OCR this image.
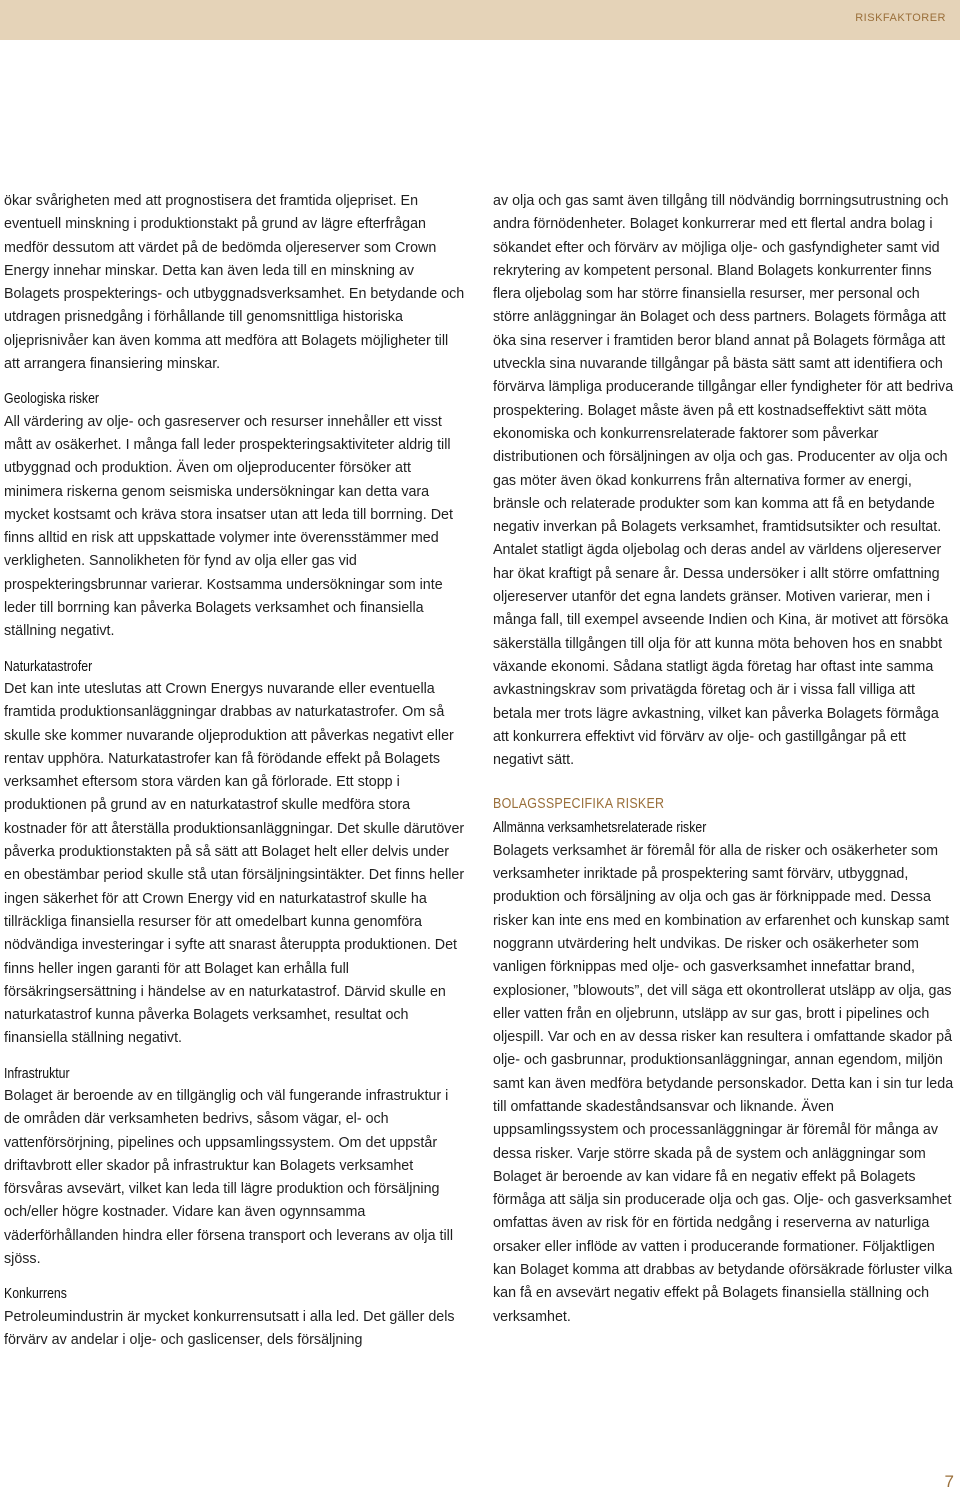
RISKFAKTORER

ökar svårigheten med att prognostisera det framtida oljepriset. En eventuell minskning i produktionstakt på grund av lägre efterfrågan medför dessutom att värdet på de bedömda oljereserver som Crown Energy innehar minskar. Detta kan även leda till en minskning av Bolagets prospekterings- och utbyggnadsverksamhet. En betydande och utdragen prisnedgång i förhållande till genomsnittliga historiska oljeprisnivåer kan även komma att medföra att Bolagets möjligheter till att arrangera finansiering minskar.

Geologiska risker

All värdering av olje- och gasreserver och resurser innehåller ett visst mått av osäkerhet. I många fall leder prospekteringsaktiviteter aldrig till utbyggnad och produktion. Även om oljeproducenter försöker att minimera riskerna genom seismiska undersökningar kan detta vara mycket kostsamt och kräva stora insatser utan att leda till borrning. Det finns alltid en risk att uppskattade volymer inte överensstämmer med verkligheten. Sannolikheten för fynd av olja eller gas vid prospekteringsbrunnar varierar. Kostsamma undersökningar som inte leder till borrning kan påverka Bolagets verksamhet och finansiella ställning negativt.

Naturkatastrofer

Det kan inte uteslutas att Crown Energys nuvarande eller eventuella framtida produktionsanläggningar drabbas av naturkatastrofer. Om så skulle ske kommer nuvarande oljeproduktion att påverkas negativt eller rentav upphöra. Naturkatastrofer kan få förödande effekt på Bolagets verksamhet eftersom stora värden kan gå förlorade. Ett stopp i produktionen på grund av en naturkatastrof skulle medföra stora kostnader för att återställa produktionsanläggningar. Det skulle därutöver påverka produktionstakten på så sätt att Bolaget helt eller delvis under en obestämbar period skulle stå utan försäljningsintäkter. Det finns heller ingen säkerhet för att Crown Energy vid en naturkatastrof skulle ha tillräckliga finansiella resurser för att omedelbart kunna genomföra nödvändiga investeringar i syfte att snarast återuppta produktionen. Det finns heller ingen garanti för att Bolaget kan erhålla full försäkringsersättning i händelse av en naturkatastrof. Därvid skulle en naturkatastrof kunna påverka Bolagets verksamhet, resultat och finansiella ställning negativt.

Infrastruktur

Bolaget är beroende av en tillgänglig och väl fungerande infrastruktur i de områden där verksamheten bedrivs, såsom vägar, el- och vattenförsörjning, pipelines och uppsamlingssystem. Om det uppstår driftavbrott eller skador på infrastruktur kan Bolagets verksamhet försvåras avsevärt, vilket kan leda till lägre produktion och försäljning och/eller högre kostnader. Vidare kan även ogynnsamma väderförhållanden hindra eller försena transport och leverans av olja till sjöss.

Konkurrens

Petroleumindustrin är mycket konkurrensutsatt i alla led. Det gäller dels förvärv av andelar i olje- och gaslicenser, dels försäljning

av olja och gas samt även tillgång till nödvändig borrningsutrustning och andra förnödenheter. Bolaget konkurrerar med ett flertal andra bolag i sökandet efter och förvärv av möjliga olje- och gasfyndigheter samt vid rekrytering av kompetent personal. Bland Bolagets konkurrenter finns flera oljebolag som har större finansiella resurser, mer personal och större anläggningar än Bolaget och dess partners. Bolagets förmåga att öka sina reserver i framtiden beror bland annat på Bolagets förmåga att utveckla sina nuvarande tillgångar på bästa sätt samt att identifiera och förvärva lämpliga producerande tillgångar eller fyndigheter för att bedriva prospektering. Bolaget måste även på ett kostnadseffektivt sätt möta ekonomiska och konkurrensrelaterade faktorer som påverkar distributionen och försäljningen av olja och gas. Producenter av olja och gas möter även ökad konkurrens från alternativa former av energi, bränsle och relaterade produkter som kan komma att få en betydande negativ inverkan på Bolagets verksamhet, framtidsutsikter och resultat. Antalet statligt ägda oljebolag och deras andel av världens oljereserver har ökat kraftigt på senare år. Dessa undersöker i allt större omfattning oljereserver utanför det egna landets gränser. Motiven varierar, men i många fall, till exempel avseende Indien och Kina, är motivet att försöka säkerställa tillgången till olja för att kunna möta behoven hos en snabbt växande ekonomi. Sådana statligt ägda företag har oftast inte samma avkastningskrav som privatägda företag och är i vissa fall villiga att betala mer trots lägre avkastning, vilket kan påverka Bolagets förmåga att konkurrera effektivt vid förvärv av olje- och gastillgångar på ett negativt sätt.

BOLAGSSPECIFIKA RISKER
Allmänna verksamhetsrelaterade risker

Bolagets verksamhet är föremål för alla de risker och osäkerheter som verksamheter inriktade på prospektering samt förvärv, utbyggnad, produktion och försäljning av olja och gas är förknippade med. Dessa risker kan inte ens med en kombination av erfarenhet och kunskap samt noggrann utvärdering helt undvikas. De risker och osäkerheter som vanligen förknippas med olje- och gasverksamhet innefattar brand, explosioner, ”blowouts”, det vill säga ett okontrollerat utsläpp av olja, gas eller vatten från en oljebrunn, utsläpp av sur gas, brott i pipelines och oljespill. Var och en av dessa risker kan resultera i omfattande skador på olje- och gasbrunnar, produktionsanläggningar, annan egendom, miljön samt kan även medföra betydande personskador. Detta kan i sin tur leda till omfattande skadeståndsansvar och liknande. Även uppsamlingssystem och processanläggningar är föremål för många av dessa risker. Varje större skada på de system och anläggningar som Bolaget är beroende av kan vidare få en negativ effekt på Bolagets förmåga att sälja sin producerade olja och gas. Olje- och gasverksamhet omfattas även av risk för en förtida nedgång i reserverna av naturliga orsaker eller inflöde av vatten i producerande formationer. Följaktligen kan Bolaget komma att drabbas av betydande oförsäkrade förluster vilka kan få en avsevärt negativ effekt på Bolagets finansiella ställning och verksamhet.

7
